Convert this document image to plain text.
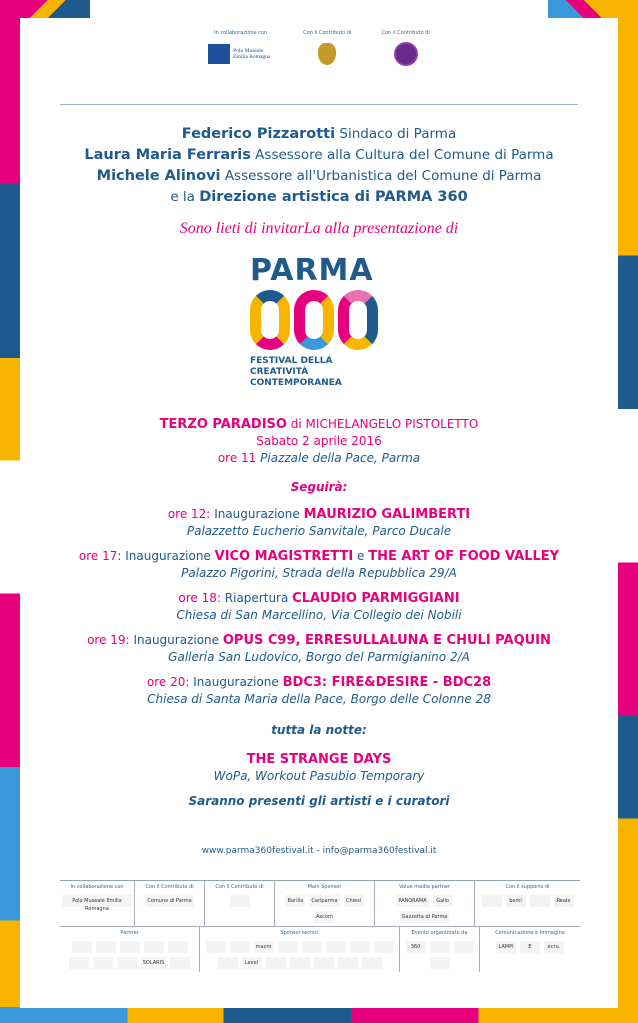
In collaborazione con
Polo Museale Emilia Romagna
Con il Contributo di	Con il Contributo di
Federico Pizzarotti Sindaco di Parma
Laura Maria Ferraris Assessore alla Cultura del Comune di Parma
Michele Alinovi Assessore all'Urbanistica del Comune di Parma
e la Direzione artistica di PARMA 360
Sono lieti di invitarLa alla presentazione di
PARMA
FESTIVAL DELLA CREATIVITÀ
CONTEMPORANEA
TERZO PARADISO di MICHELANGELO PISTOLETTO
Sabato 2 aprile 2016
ore 11 Piazzale della Pace, Parma
Seguirà:
ore 12: Inaugurazione MAURIZIO GALIMBERTI
Palazzetto Eucherio Sanvitale, Parco Ducale
ore 17: Inaugurazione VICO MAGISTRETTI e THE ART OF FOOD VALLEY
Palazzo Pigorini, Strada della Repubblica 29/A
ore 18: Riapertura CLAUDIO PARMIGGIANI
Chiesa di San Marcellino, Via Collegio dei Nobili
ore 19: Inaugurazione OPUS C99, ERRESULLALUNA E CHULI PAQUIN
Galleria San Ludovico, Borgo del Parmigianino 2/A
ore 20: Inaugurazione BDC3: FIRE&DESIRE - BDC28
Chiesa di Santa Maria della Pace, Borgo delle Colonne 28
tutta la notte:
THE STRANGE DAYS
WoPa, Workout Pasubio Temporary
Saranno presenti gli artisti e i curatori
www.parma360festival.it - info@parma360festival.it
In collaborazione con
Polo Museale Emilia Romagna
Con il Contributo di
Comune di Parma
Con il Contributo di	Main Sponsor
Barilla	Cariparma	Chiesi
Ascom
Value media partner
PANORAMA	Gallo
Gazzetta di Parma
Con il supporto di
bemi	Reale
Partner
SOLARIS
Sponsor tecnici
macro
Level
Evento organizzato da
360
Comunicazione e Immagine
LAMPI	E	ècru.
